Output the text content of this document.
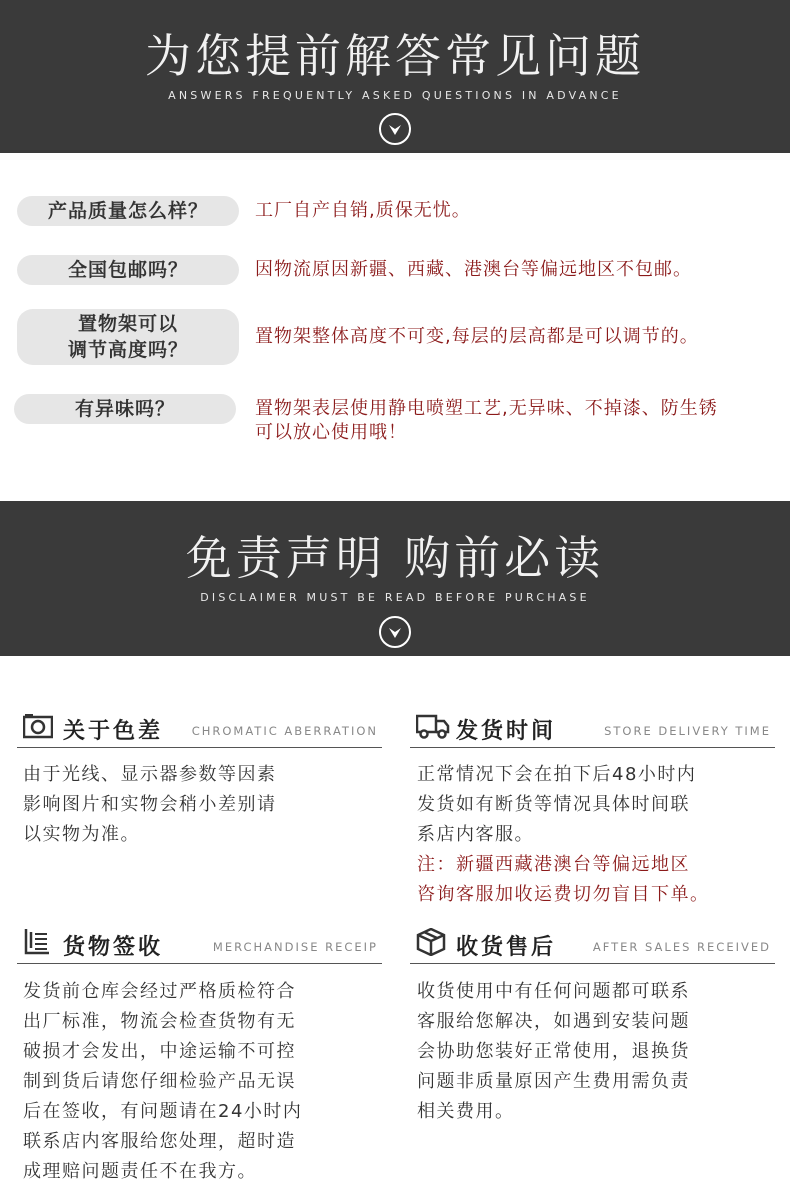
为您提前解答常见问题
ANSWERS FREQUENTLY ASKED QUESTIONS IN ADVANCE
产品质量怎么样？	工厂自产自销,质保无忧。
全国包邮吗？	因物流原因新疆、西藏、港澳台等偏远地区不包邮。
置物架可以
调节高度吗？
置物架整体高度不可变,每层的层高都是可以调节的。
有异味吗？	置物架表层使用静电喷塑工艺,无异味、不掉漆、防生锈
可以放心使用哦！
免责声明 购前必读
DISCLAIMER MUST BE READ BEFORE PURCHASE
关于色差 CHROMATIC ABERRATION
由于光线、显示器参数等因素
影响图片和实物会稍小差别请
以实物为准。
发货时间	STORE DELIVERY TIME
正常情况下会在拍下后48小时内
发货如有断货等情况具体时间联
系店内客服。
注：新疆西藏港澳台等偏远地区
咨询客服加收运费切勿盲目下单。
货物签收	MERCHANDISE RECEIP
发货前仓库会经过严格质检符合
出厂标准，物流会检查货物有无
破损才会发出，中途运输不可控
制到货后请您仔细检验产品无误
后在签收，有问题请在24小时内
联系店内客服给您处理，超时造
成理赔问题责任不在我方。
收货售后	AFTER SALES RECEIVED
收货使用中有任何问题都可联系
客服给您解决，如遇到安装问题
会协助您装好正常使用，退换货
问题非质量原因产生费用需负责
相关费用。
